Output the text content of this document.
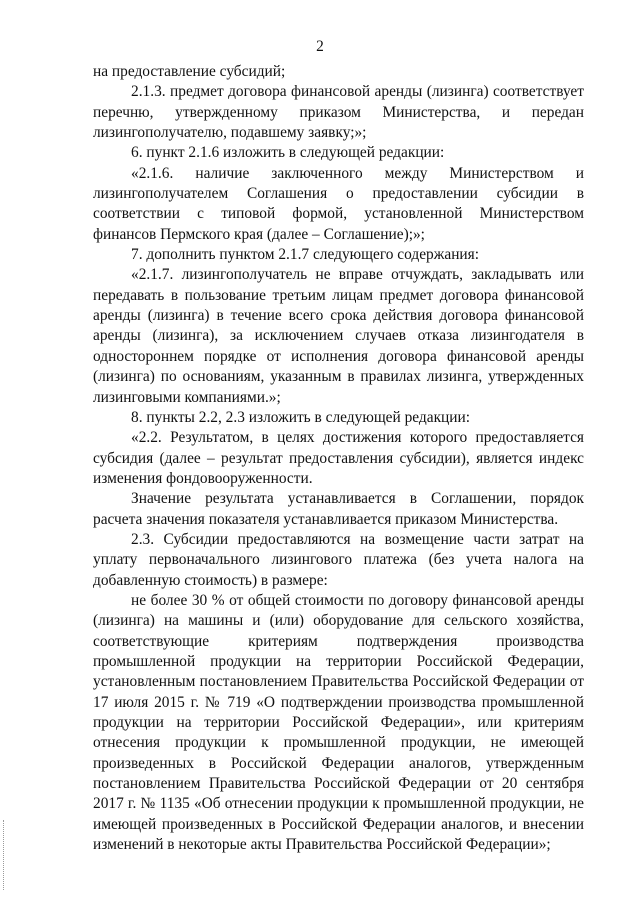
2

на предоставление субсидий;

2.1.3. предмет договора финансовой аренды (лизинга) соответствует перечню, утвержденному приказом Министерства, и передан лизингополучателю, подавшему заявку;»;

6. пункт 2.1.6 изложить в следующей редакции:

«2.1.6. наличие заключенного между Министерством и лизингополучателем Соглашения о предоставлении субсидии в соответствии с типовой формой, установленной Министерством финансов Пермского края (далее – Соглашение);»;

7. дополнить пунктом 2.1.7 следующего содержания:

«2.1.7. лизингополучатель не вправе отчуждать, закладывать или передавать в пользование третьим лицам предмет договора финансовой аренды (лизинга) в течение всего срока действия договора финансовой аренды (лизинга), за исключением случаев отказа лизингодателя в одностороннем порядке от исполнения договора финансовой аренды (лизинга) по основаниям, указанным в правилах лизинга, утвержденных лизинговыми компаниями.»;

8. пункты 2.2, 2.3 изложить в следующей редакции:

«2.2. Результатом, в целях достижения которого предоставляется субсидия (далее – результат предоставления субсидии), является индекс изменения фондовооруженности.

Значение результата устанавливается в Соглашении, порядок расчета значения показателя устанавливается приказом Министерства.

2.3. Субсидии предоставляются на возмещение части затрат на уплату первоначального лизингового платежа (без учета налога на добавленную стоимость) в размере:

не более 30 % от общей стоимости по договору финансовой аренды (лизинга) на машины и (или) оборудование для сельского хозяйства, соответствующие критериям подтверждения производства промышленной продукции на территории Российской Федерации, установленным постановлением Правительства Российской Федерации от 17 июля 2015 г. № 719 «О подтверждении производства промышленной продукции на территории Российской Федерации», или критериям отнесения продукции к промышленной продукции, не имеющей произведенных в Российской Федерации аналогов, утвержденным постановлением Правительства Российской Федерации от 20 сентября 2017 г. № 1135 «Об отнесении продукции к промышленной продукции, не имеющей произведенных в Российской Федерации аналогов, и внесении изменений в некоторые акты Правительства Российской Федерации»;
